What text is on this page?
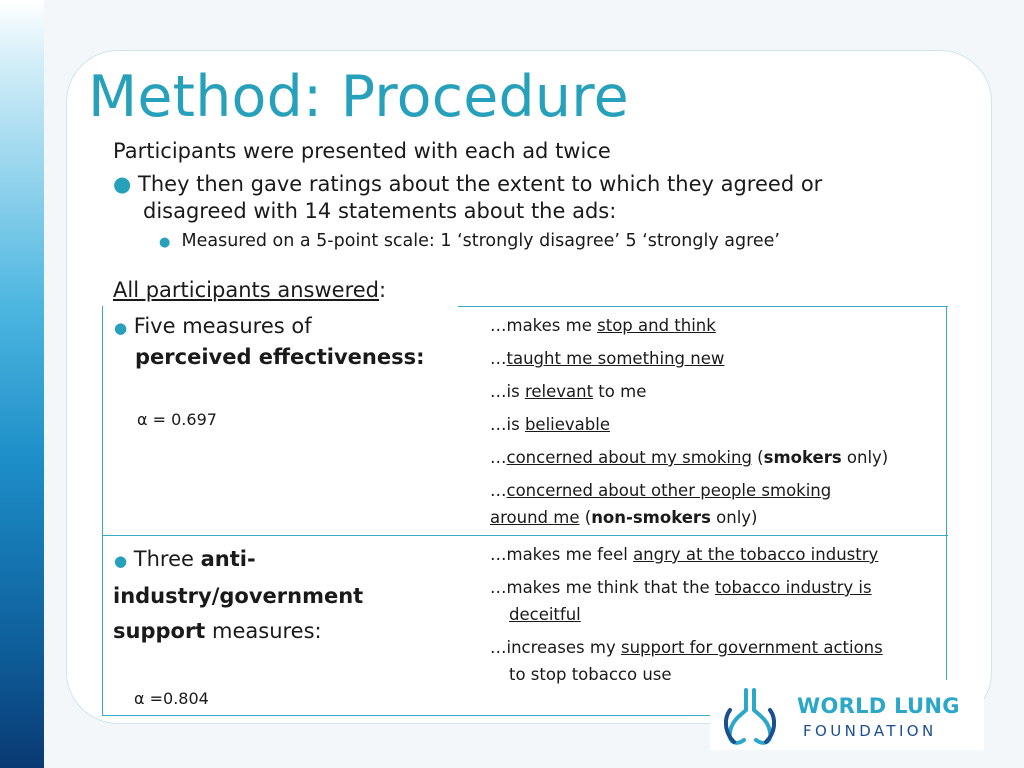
Method: Procedure
Participants were presented with each ad twice
● They then gave ratings about the extent to which they agreed or
disagreed with 14 statements about the ads:
● Measured on a 5-point scale: 1 ‘strongly disagree’ 5 ‘strongly agree’
All participants answered:
● Five measures of
perceived effectiveness:
α = 0.697
…makes me stop and think
…taught me something new
…is relevant to me
…is believable
…concerned about my smoking (smokers only)
…concerned about other people smoking
around me (non-smokers only)
● Three anti-
industry/government
support measures:
α =0.804
…makes me feel angry at the tobacco industry
…makes me think that the tobacco industry is
deceitful
…increases my support for government actions
to stop tobacco use
WORLD LUNG
FOUNDATION
